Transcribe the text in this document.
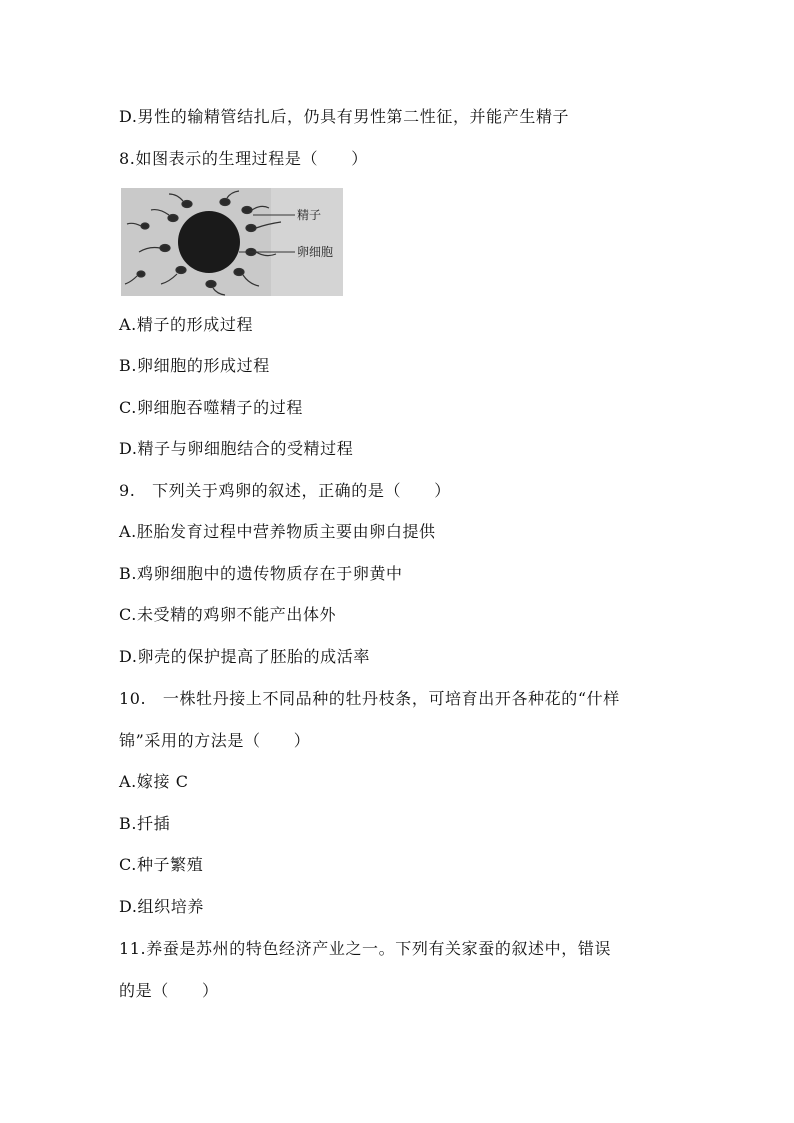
D.男性的输精管结扎后，仍具有男性第二性征，并能产生精子
8.如图表示的生理过程是（　　）
精子
卵细胞
A.精子的形成过程
B.卵细胞的形成过程
C.卵细胞吞噬精子的过程
D.精子与卵细胞结合的受精过程
9.　下列关于鸡卵的叙述，正确的是（　　）
A.胚胎发育过程中营养物质主要由卵白提供
B.鸡卵细胞中的遗传物质存在于卵黄中
C.未受精的鸡卵不能产出体外
D.卵壳的保护提高了胚胎的成活率
10.　一株牡丹接上不同品种的牡丹枝条，可培育出开各种花的“什样
锦”采用的方法是（　　）
A.嫁接 C
B.扦插
C.种子繁殖
D.组织培养
11.养蚕是苏州的特色经济产业之一。下列有关家蚕的叙述中，错误
的是（　　）
